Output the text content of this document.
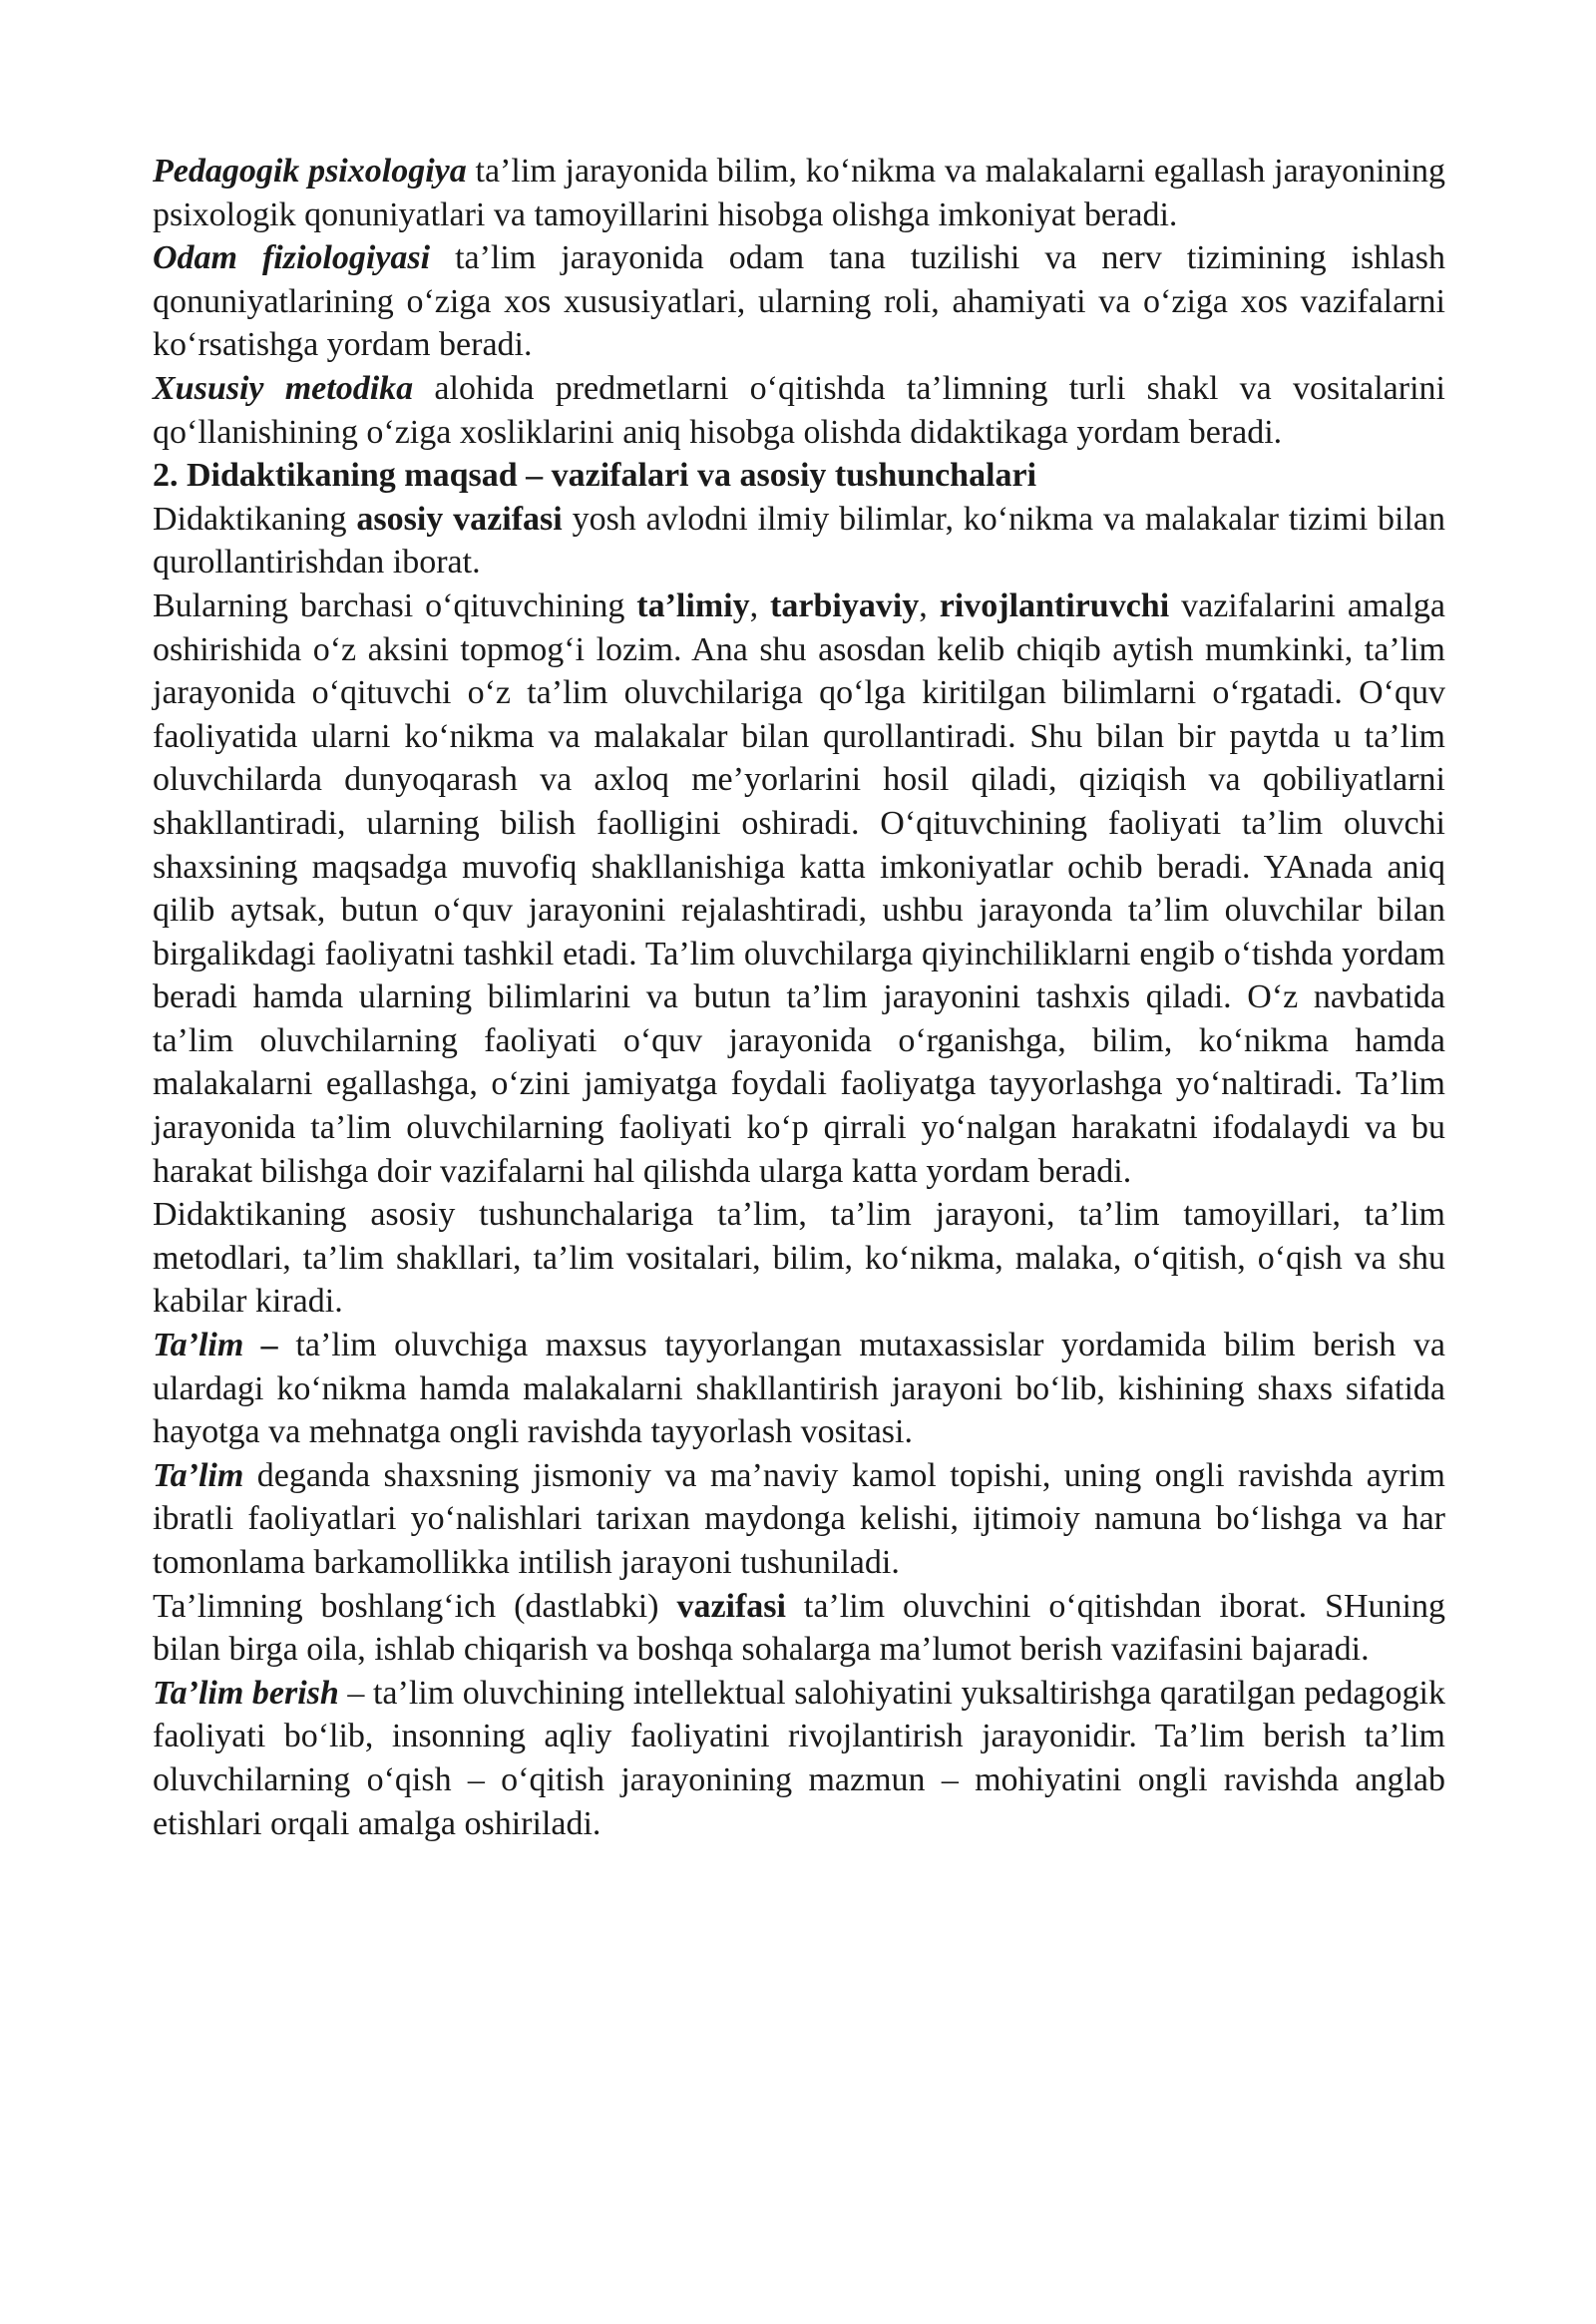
Pedagogik psixologiya ta’lim jarayonida bilim, ko‘nikma va malakalarni egallash jarayonining psixologik qonuniyatlari va tamoyillarini hisobga olishga imkoniyat beradi.

Odam fiziologiyasi ta’lim jarayonida odam tana tuzilishi va nerv tizimining ishlash qonuniyatlarining o‘ziga xos xususiyatlari, ularning roli, ahamiyati va o‘ziga xos vazifalarni ko‘rsatishga yordam beradi.

Xususiy metodika alohida predmetlarni o‘qitishda ta’limning turli shakl va vositalarini qo‘llanishining o‘ziga xosliklarini aniq hisobga olishda didaktikaga yordam beradi.

2. Didaktikaning maqsad – vazifalari va asosiy tushunchalari

Didaktikaning asosiy vazifasi yosh avlodni ilmiy bilimlar, ko‘nikma va malakalar tizimi bilan qurollantirishdan iborat.

Bularning barchasi o‘qituvchining ta’limiy, tarbiyaviy, rivojlantiruvchi vazifalarini amalga oshirishida o‘z aksini topmog‘i lozim. Ana shu asosdan kelib chiqib aytish mumkinki, ta’lim jarayonida o‘qituvchi o‘z ta’lim oluvchilariga qo‘lga kiritilgan bilimlarni o‘rgatadi. O‘quv faoliyatida ularni ko‘nikma va malakalar bilan qurollantiradi. Shu bilan bir paytda u ta’lim oluvchilarda dunyoqarash va axloq me’yorlarini hosil qiladi, qiziqish va qobiliyatlarni shakllantiradi, ularning bilish faolligini oshiradi. O‘qituvchining faoliyati ta’lim oluvchi shaxsining maqsadga muvofiq shakllanishiga katta imkoniyatlar ochib beradi. YAnada aniq qilib aytsak, butun o‘quv jarayonini rejalashtiradi, ushbu jarayonda ta’lim oluvchilar bilan birgalikdagi faoliyatni tashkil etadi. Ta’lim oluvchilarga qiyinchiliklarni engib o‘tishda yordam beradi hamda ularning bilimlarini va butun ta’lim jarayonini tashxis qiladi. O‘z navbatida ta’lim oluvchilarning faoliyati o‘quv jarayonida o‘rganishga, bilim, ko‘nikma hamda malakalarni egallashga, o‘zini jamiyatga foydali faoliyatga tayyorlashga yo‘naltiradi. Ta’lim jarayonida ta’lim oluvchilarning faoliyati ko‘p qirrali yo‘nalgan harakatni ifodalaydi va bu harakat bilishga doir vazifalarni hal qilishda ularga katta yordam beradi.

Didaktikaning asosiy tushunchalariga ta’lim, ta’lim jarayoni, ta’lim tamoyillari, ta’lim metodlari, ta’lim shakllari, ta’lim vositalari, bilim, ko‘nikma, malaka, o‘qitish, o‘qish va shu kabilar kiradi.

Ta’lim – ta’lim oluvchiga maxsus tayyorlangan mutaxassislar yordamida bilim berish va ulardagi ko‘nikma hamda malakalarni shakllantirish jarayoni bo‘lib, kishining shaxs sifatida hayotga va mehnatga ongli ravishda tayyorlash vositasi.

Ta’lim deganda shaxsning jismoniy va ma’naviy kamol topishi, uning ongli ravishda ayrim ibratli faoliyatlari yo‘nalishlari tarixan maydonga kelishi, ijtimoiy namuna bo‘lishga va har tomonlama barkamollikka intilish jarayoni tushuniladi.

Ta’limning boshlang‘ich (dastlabki) vazifasi ta’lim oluvchini o‘qitishdan iborat. SHuning bilan birga oila, ishlab chiqarish va boshqa sohalarga ma’lumot berish vazifasini bajaradi.

Ta’lim berish – ta’lim oluvchining intellektual salohiyatini yuksaltirishga qaratilgan pedagogik faoliyati bo‘lib, insonning aqliy faoliyatini rivojlantirish jarayonidir. Ta’lim berish ta’lim oluvchilarning o‘qish – o‘qitish jarayonining mazmun – mohiyatini ongli ravishda anglab etishlari orqali amalga oshiriladi.
